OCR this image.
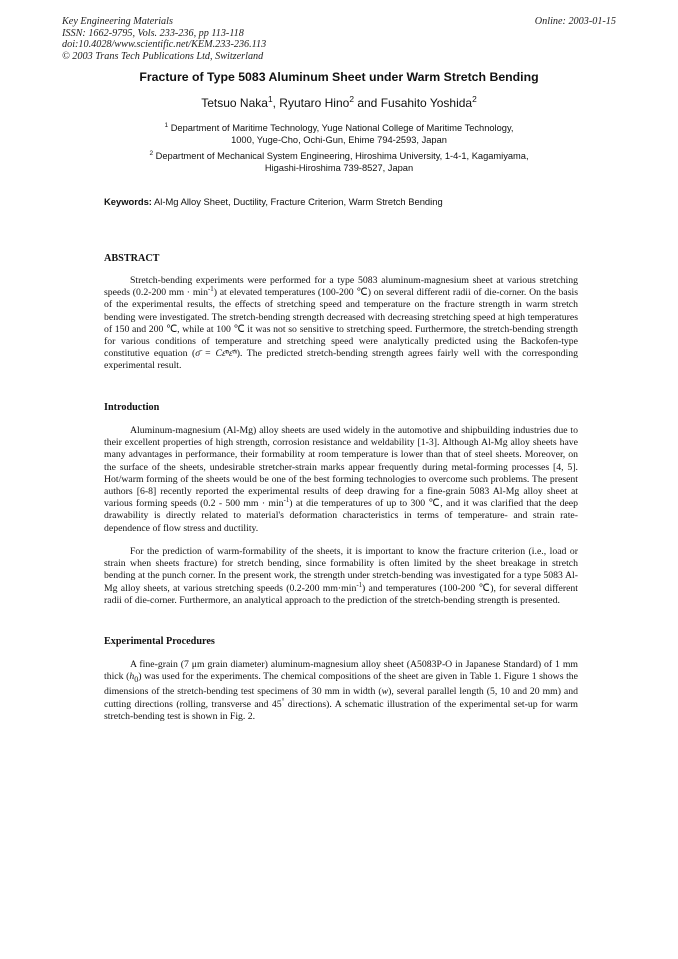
Key Engineering Materials
ISSN: 1662-9795, Vols. 233-236, pp 113-118
doi:10.4028/www.scientific.net/KEM.233-236.113
© 2003 Trans Tech Publications Ltd, Switzerland
Online: 2003-01-15
Fracture of Type 5083 Aluminum Sheet under Warm Stretch Bending
Tetsuo Naka$^1$, Ryutaro Hino$^2$ and Fusahito Yoshida$^2$
$^1$ Department of Maritime Technology, Yuge National College of Maritime Technology,
1000, Yuge-Cho, Ochi-Gun, Ehime 794-2593, Japan
$^2$ Department of Mechanical System Engineering, Hiroshima University, 1-4-1, Kagamiyama,
Higashi-Hiroshima 739-8527, Japan
Keywords: Al-Mg Alloy Sheet, Ductility, Fracture Criterion, Warm Stretch Bending
ABSTRACT
Stretch-bending experiments were performed for a type 5083 aluminum-magnesium sheet at various stretching speeds (0.2-200 mm · $\min^{-1}$) at elevated temperatures (100-200 ℃) on several different radii of die-corner. On the basis of the experimental results, the effects of stretching speed and temperature on the fracture strength in warm stretch bending were investigated. The stretch-bending strength decreased with decreasing stretching speed at high temperatures of 150 and 200 ℃, while at 100 ℃ it was not so sensitive to stretching speed. Furthermore, the stretch-bending strength for various conditions of temperature and stretching speed were analytically predicted using the Backofen-type constitutive equation (σ̄ = Cε̄ⁿε̇̄ᵐ). The predicted stretch-bending strength agrees fairly well with the corresponding experimental result.
Introduction
Aluminum-magnesium (Al-Mg) alloy sheets are used widely in the automotive and shipbuilding industries due to their excellent properties of high strength, corrosion resistance and weldability [1-3]. Although Al-Mg alloy sheets have many advantages in performance, their formability at room temperature is lower than that of steel sheets. Moreover, on the surface of the sheets, undesirable stretcher-strain marks appear frequently during metal-forming processes [4, 5]. Hot/warm forming of the sheets would be one of the best forming technologies to overcome such problems. The present authors [6-8] recently reported the experimental results of deep drawing for a fine-grain 5083 Al-Mg alloy sheet at various forming speeds (0.2 - 500 mm · $\min^{-1}$) at die temperatures of up to 300 ℃, and it was clarified that the deep drawability is directly related to material's deformation characteristics in terms of temperature- and strain rate-dependence of flow stress and ductility.
For the prediction of warm-formability of the sheets, it is important to know the fracture criterion (i.e., load or strain when sheets fracture) for stretch bending, since formability is often limited by the sheet breakage in stretch bending at the punch corner. In the present work, the strength under stretch-bending was investigated for a type 5083 Al-Mg alloy sheets, at various stretching speeds (0.2-200 $mm\cdot\min^{-1}$) and temperatures (100-200 ℃), for several different radii of die-corner. Furthermore, an analytical approach to the prediction of the stretch-bending strength is presented.
Experimental Procedures
A fine-grain (7 μm grain diameter) aluminum-magnesium alloy sheet (A5083P-O in Japanese Standard) of 1 mm thick $(h_0)$ was used for the experiments. The chemical compositions of the sheet are given in Table 1. Figure 1 shows the dimensions of the stretch-bending test specimens of 30 mm in width (w), several parallel length (5, 10 and 20 mm) and cutting directions (rolling, transverse and 45° directions). A schematic illustration of the experimental set-up for warm stretch-bending test is shown in Fig. 2.
